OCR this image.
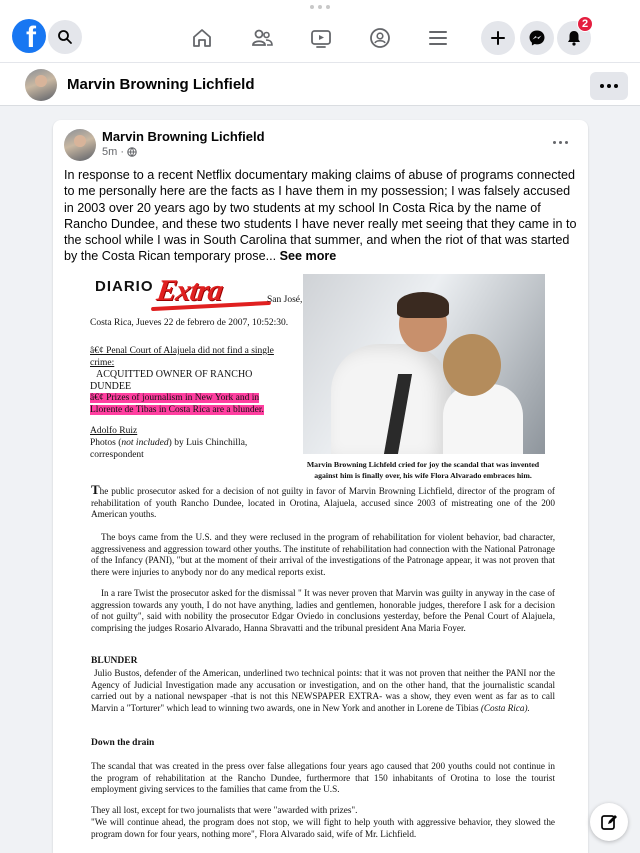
f	2
Marvin Browning Lichfield
Marvin Browning Lichfield
5m ·
In response to a recent Netflix documentary making claims of abuse of programs connected to me personally here are the facts as I have them in my possession; I was falsely accused in 2003 over 20 years ago by two students at my school In Costa Rica by the name of Rancho Dundee, and these two students I have never really met seeing that they came in to the school while I was in South Carolina that summer, and when the riot of that was started by the Costa Rican temporary prose... See more
DIARIO Extra	San José,
Costa Rica, Jueves 22 de febrero de 2007, 10:52:30.
â€¢ Penal Court of Alajuela did not find a single crime:
ACQUITTED OWNER OF RANCHO
DUNDEE
â€¢ Prizes of journalism in New York and in Llorente de Tibas in Costa Rica are a blunder.
Adolfo Ruiz
Photos (not included) by Luis Chinchilla,
correspondent
Marvin Browning Lichfeld cried for joy the scandal that was invented against him is finally over, his wife Flora Alvarado embraces him.
The public prosecutor asked for a decision of not guilty in favor of Marvin Browning Lichfield, director of the program of rehabilitation of youth Rancho Dundee, located in Orotina, Alajuela, accused since 2003 of mistreating one of the 200 American youths.
The boys came from the U.S. and they were reclused in the program of rehabilitation for violent behavior, bad character, aggressiveness and aggression toward other youths. The institute of rehabilitation had connection with the National Patronage of the Infancy (PANI), "but at the moment of their arrival of the investigations of the Patronage appear, it was not proven that there were injuries to anybody nor do any medical reports exist.
In a rare Twist the prosecutor asked for the dismissal " It was never proven that Marvin was guilty in anyway in the case of aggression towards any youth, I do not have anything, ladies and gentlemen, honorable judges, therefore I ask for a decision of not guilty", said with nobility the prosecutor Edgar Oviedo in conclusions yesterday, before the Penal Court of Alajuela, comprising the judges Rosario Alvarado, Hanna Sbravatti and the tribunal president Ana Maria Foyer.
BLUNDER
Julio Bustos, defender of the American, underlined two technical points: that it was not proven that neither the PANI nor the Agency of Judicial Investigation made any accusation or investigation, and on the other hand, that the journalistic scandal carried out by a national newspaper -that is not this NEWSPAPER EXTRA- was a show, they even went as far as to call Marvin a "Torturer" which lead to winning two awards, one in New York and another in Lorene de Tibias (Costa Rica).
Down the drain
The scandal that was created in the press over false allegations four years ago caused that 200 youths could not continue in the program of rehabilitation at the Rancho Dundee, furthermore that 150 inhabitants of Orotina to lose the tourist employment giving services to the families that came from the U.S.
They all lost, except for two journalists that were "awarded with prizes".
"We will continue ahead, the program does not stop, we will fight to help youth with aggressive behavior, they slowed the program down for four years, nothing more", Flora Alvarado said, wife of Mr. Lichfield.
